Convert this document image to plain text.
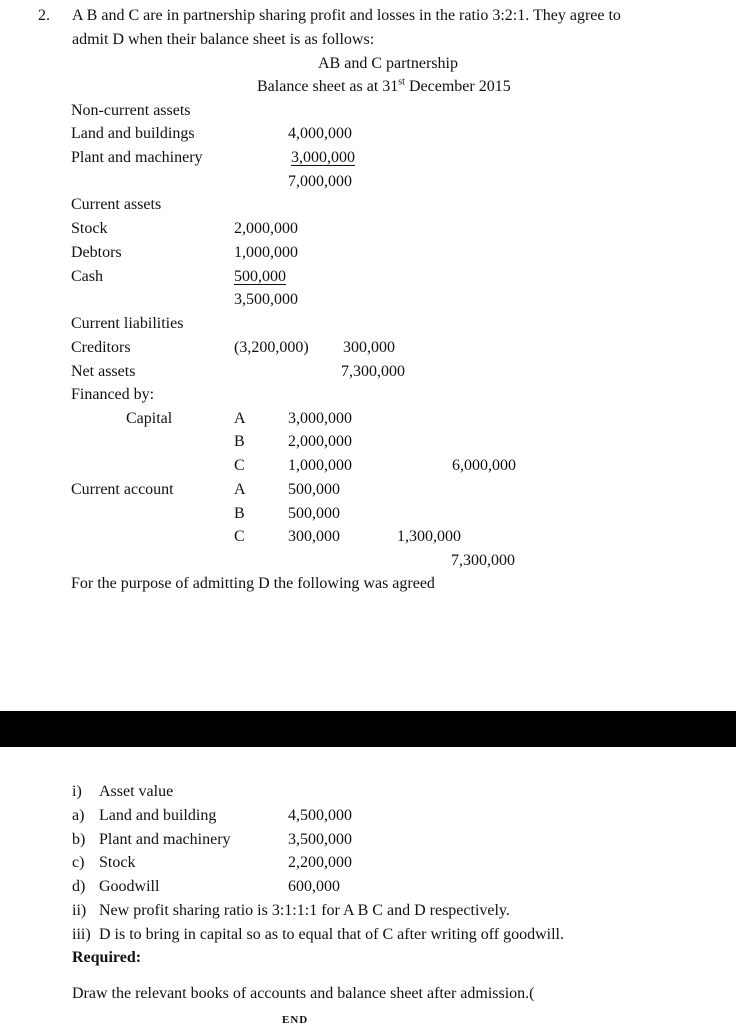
2. A B and C are in partnership sharing profit and losses in the ratio 3:2:1. They agree to
admit D when their balance sheet is as follows:
AB and C partnership
Balance sheet as at 31st December 2015
Non-current assets
Land and buildings	4,000,000
Plant and machinery	3,000,000
7,000,000
Current assets
Stock	2,000,000
Debtors	1,000,000
Cash	500,000
3,500,000
Current liabilities
Creditors	(3,200,000) 300,000
Net assets	7,300,000
Financed by:
Capital	A	3,000,000
B	2,000,000
C	1,000,000	6,000,000
Current account	A	500,000
B	500,000
C	300,000	1,300,000
7,300,000
For the purpose of admitting D the following was agreed
i) Asset value
a) Land and building	4,500,000
b) Plant and machinery	3,500,000
c) Stock	2,200,000
d) Goodwill	600,000
ii) New profit sharing ratio is 3:1:1:1 for A B C and D respectively.
iii) D is to bring in capital so as to equal that of C after writing off goodwill.
Required:
Draw the relevant books of accounts and balance sheet after admission.(
END
